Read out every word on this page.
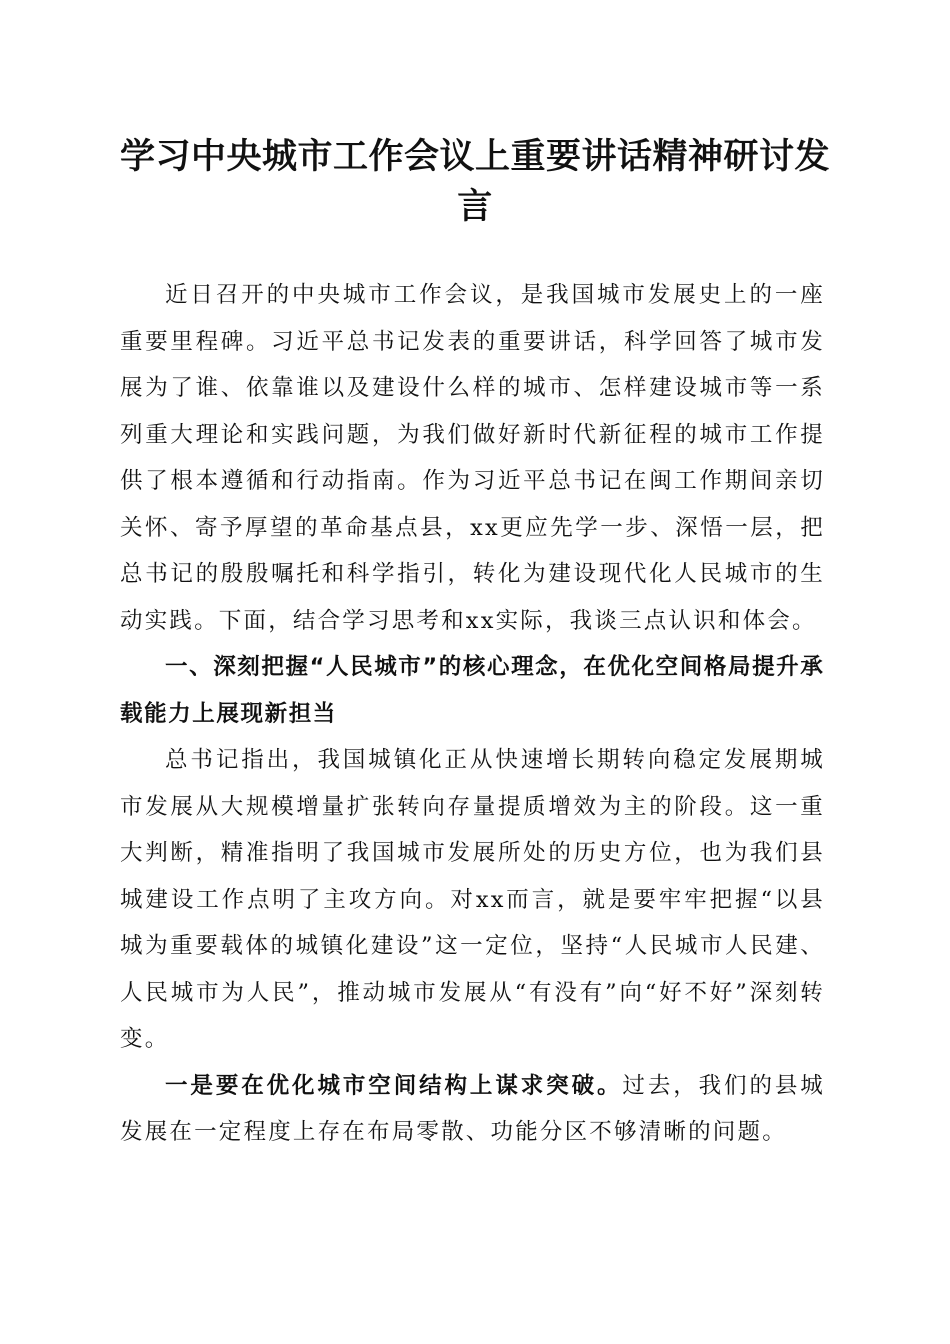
学习中央城市工作会议上重要讲话精神研讨发言

近日召开的中央城市工作会议，是我国城市发展史上的一座重要里程碑。习近平总书记发表的重要讲话，科学回答了城市发展为了谁、依靠谁以及建设什么样的城市、怎样建设城市等一系列重大理论和实践问题，为我们做好新时代新征程的城市工作提供了根本遵循和行动指南。作为习近平总书记在闽工作期间亲切关怀、寄予厚望的革命基点县，xx更应先学一步、深悟一层，把总书记的殷殷嘱托和科学指引，转化为建设现代化人民城市的生动实践。下面，结合学习思考和xx实际，我谈三点认识和体会。

一、深刻把握“人民城市”的核心理念，在优化空间格局提升承载能力上展现新担当

总书记指出，我国城镇化正从快速增长期转向稳定发展期城市发展从大规模增量扩张转向存量提质增效为主的阶段。这一重大判断，精准指明了我国城市发展所处的历史方位，也为我们县城建设工作点明了主攻方向。对xx而言，就是要牢牢把握“以县城为重要载体的城镇化建设”这一定位，坚持“人民城市人民建、人民城市为人民”，推动城市发展从“有没有”向“好不好”深刻转变。

一是要在优化城市空间结构上谋求突破。过去，我们的县城发展在一定程度上存在布局零散、功能分区不够清晰的问题。
